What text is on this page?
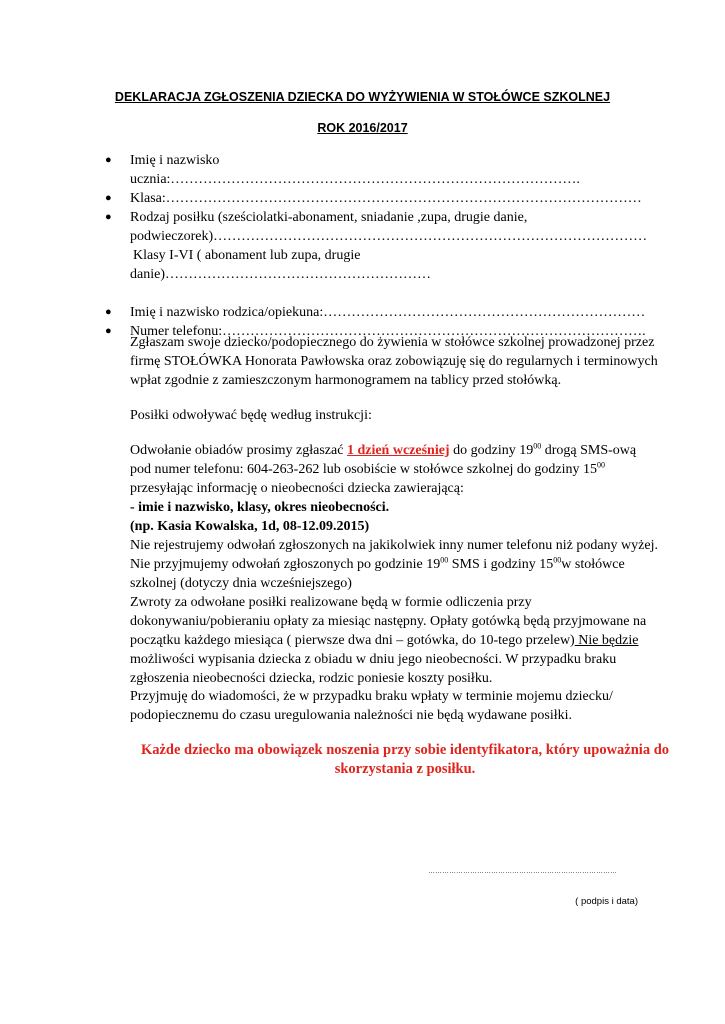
DEKLARACJA ZGŁOSZENIA DZIECKA DO WYŻYWIENIA W STOŁÓWCE SZKOLNEJ
ROK 2016/2017
● Imię i nazwisko ucznia:…………………………………………………………………………….
● Klasa:…………………………………………………………………………………………
● Rodzaj posiłku (sześciolatki-abonament, sniadanie ,zupa, drugie danie,
podwieczorek)…………………………………………………………………………………
Klasy I-VI ( abonament lub zupa, drugie
danie)…………………………………………………
● Imię i nazwisko rodzica/opiekuna:……………………………………………………………
● Numer telefonu:……………………………………………………………………………….
Zgłaszam swoje dziecko/podopiecznego do żywienia w stołówce szkolnej prowadzonej przez firmę STOŁÓWKA Honorata Pawłowska oraz zobowiązuję się do regularnych i terminowych wpłat zgodnie z zamieszczonym harmonogramem na tablicy przed stołówką.
Posiłki odwoływać będę według instrukcji:
Odwołanie obiadów prosimy zgłaszać 1 dzień wcześniej do godziny $19^{00}$ drogą SMS-ową
pod numer telefonu: 604-263-262 lub osobiście w stołówce szkolnej do godziny $15^{00}$
przesyłając informację o nieobecności dziecka zawierającą:
- imie i nazwisko, klasy, okres nieobecności.
(np. Kasia Kowalska, 1d, 08-12.09.2015)
Nie rejestrujemy odwołań zgłoszonych na jakikolwiek inny numer telefonu niż podany wyżej.
Nie przyjmujemy odwołań zgłoszonych po godzinie $19^{00}$ SMS i godziny $15^{00}w$ stołówce
szkolnej (dotyczy dnia wcześniejszego)
Zwroty za odwołane posiłki realizowane będą w formie odliczenia przy
dokonywaniu/pobieraniu opłaty za miesiąc następny. Opłaty gotówką będą przyjmowane na
początku każdego miesiąca ( pierwsze dwa dni – gotówka, do 10-tego przelew) Nie będzie
możliwości wypisania dziecka z obiadu w dniu jego nieobecności. W przypadku braku
zgłoszenia nieobecności dziecka, rodzic poniesie koszty posiłku.
Przyjmuję do wiadomości, że w przypadku braku wpłaty w terminie mojemu dziecku/ podopiecznemu do czasu uregulowania należności nie będą wydawane posiłki.
Każde dziecko ma obowiązek noszenia przy sobie identyfikatora, który upoważnia do skorzystania z posiłku.
………………………………………………………………………
( podpis i data)
